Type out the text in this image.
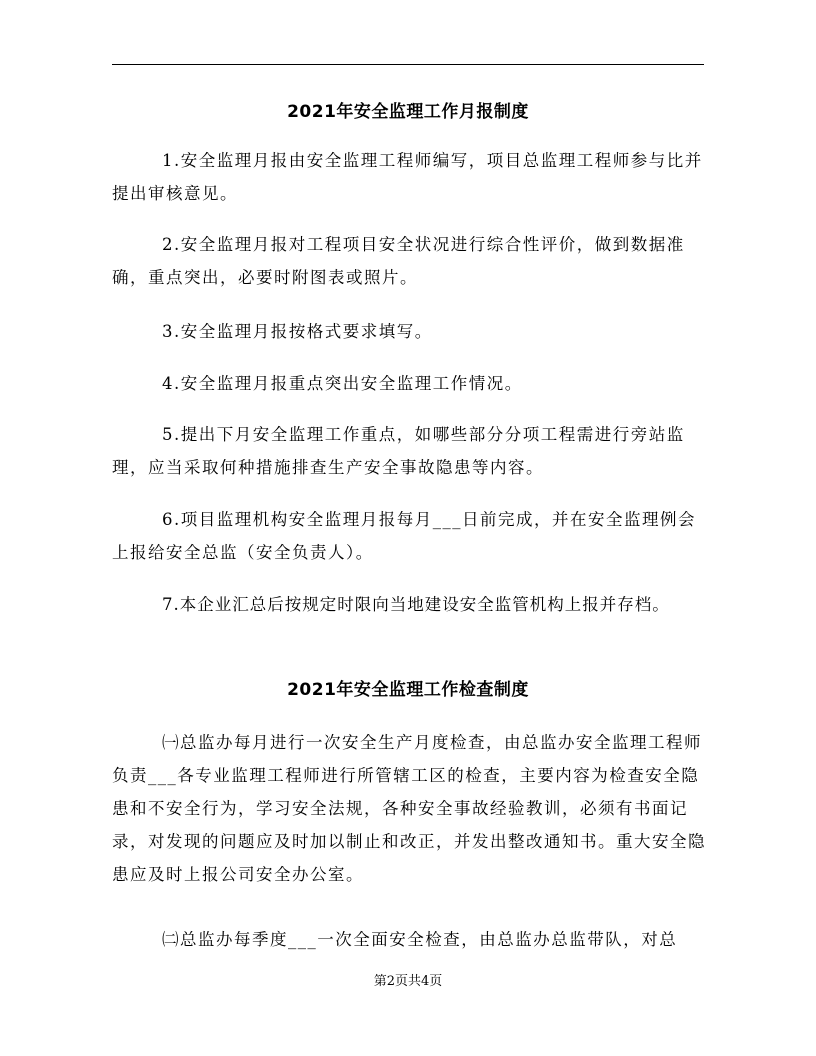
2021年安全监理工作月报制度
1.安全监理月报由安全监理工程师编写，项目总监理工程师参与比并提出审核意见。
2.安全监理月报对工程项目安全状况进行综合性评价，做到数据准确，重点突出，必要时附图表或照片。
3.安全监理月报按格式要求填写。
4.安全监理月报重点突出安全监理工作情况。
5.提出下月安全监理工作重点，如哪些部分分项工程需进行旁站监理，应当采取何种措施排查生产安全事故隐患等内容。
6.项目监理机构安全监理月报每月___日前完成，并在安全监理例会上报给安全总监（安全负责人）。
7.本企业汇总后按规定时限向当地建设安全监管机构上报并存档。
2021年安全监理工作检查制度
㈠总监办每月进行一次安全生产月度检查，由总监办安全监理工程师负责___各专业监理工程师进行所管辖工区的检查，主要内容为检查安全隐患和不安全行为，学习安全法规，各种安全事故经验教训，必须有书面记录，对发现的问题应及时加以制止和改正，并发出整改通知书。重大安全隐患应及时上报公司安全办公室。
㈡总监办每季度___一次全面安全检查，由总监办总监带队，对总
第2页共4页
